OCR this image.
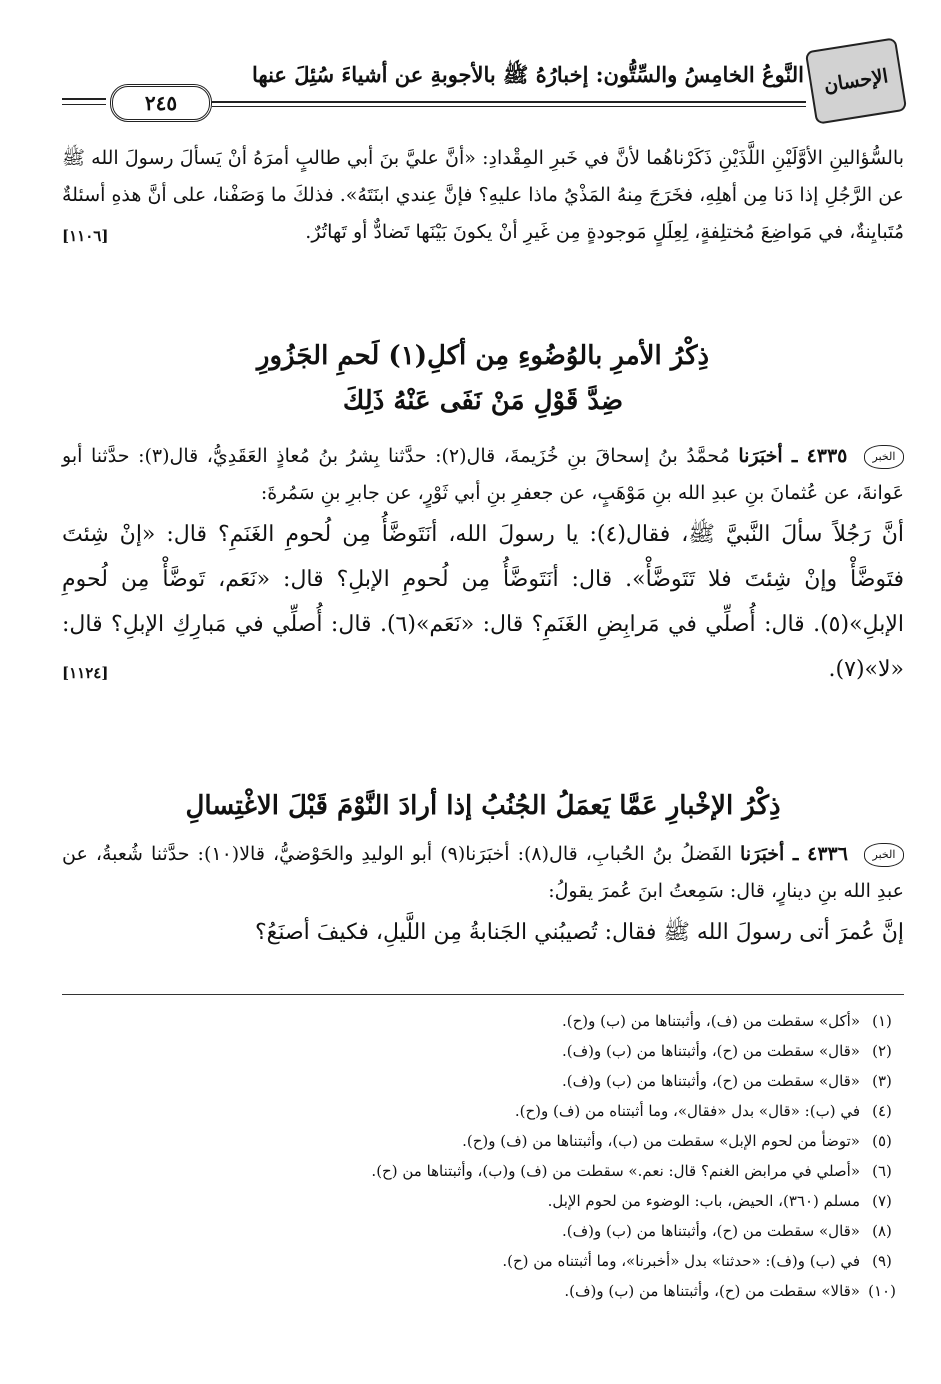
الإحسان
النَّوعُ الخامِسُ والسِّتُّون: إخبارُهُ ﷺ بالأجوبةِ عن أشياءَ سُئِلَ عنها
٢٤٥
بالسُّؤالينِ الأوَّلَيْنِ اللَّذَيْنِ ذَكَرْناهُما لأنَّ في خَبرِ المِقْدادِ: «أنَّ عليَّ بنَ أبي طالبٍ أمرَهُ أنْ يَسألَ رسولَ الله ﷺ عن الرَّجُلِ إذا دَنا مِن أهلِهِ، فخَرَجَ مِنهُ المَذْيُ ماذا عليهِ؟ فإنَّ عِندي ابنَتَهُ». فذلكَ ما وَصَفْنا، على أنَّ هذهِ أسئلةٌ مُتَبايِنةٌ، في مَواضِعَ مُختلِفةٍ، لِعِلَلٍ مَوجودةٍ مِن غَيرِ أنْ يكونَ بَيْنَها تَضادٌّ أو تَهاتُرٌ.
[١١٠٦]
ذِكْرُ الأمرِ بالوُضُوءِ مِن أكلِ(١) لَحمِ الجَزُورِ
ضِدَّ قَوْلِ مَنْ نَفَى عَنْهُ ذَلِكَ
الخبر ٤٣٣٥ ـ أخبَرَنا مُحمَّدُ بنُ إسحاقَ بنِ خُزَيمةَ، قال(٢): حدَّثنا بِشرُ بنُ مُعاذٍ العَقَدِيُّ، قال(٣): حدَّثنا أبو عَوانةَ، عن عُثمانَ بنِ عبدِ الله بنِ مَوْهَبٍ، عن جعفرِ بنِ أبي ثَوْرٍ، عن جابرِ بنِ سَمُرةَ:
أنَّ رَجُلاً سألَ النَّبيَّ ﷺ، فقال(٤): يا رسولَ الله، أنَتَوضَّأُ مِن لُحومِ الغَنَمِ؟ قال: «إنْ شِئتَ فتَوضَّأْ وإنْ شِئتَ فلا تَتَوضَّأْ». قال: أنَتَوضَّأُ مِن لُحومِ الإبلِ؟ قال: «نَعَم، تَوضَّأْ مِن لُحومِ الإبلِ»(٥). قال: أُصلِّي في مَرابِضِ الغَنَمِ؟ قال: «نَعَم»(٦). قال: أُصلِّي في مَبارِكِ الإبلِ؟ قال: «لا»(٧).
[١١٢٤]
ذِكْرُ الإخْبارِ عَمَّا يَعمَلُ الجُنُبُ إذا أرادَ النَّوْمَ قَبْلَ الاغْتِسالِ
الخبر ٤٣٣٦ ـ أخبَرَنا الفَضلُ بنُ الحُبابِ، قال(٨): أخبَرَنا(٩) أبو الوليدِ والحَوْضيُّ، قالا(١٠): حدَّثنا شُعبةُ، عن عبدِ الله بنِ دينارٍ، قال: سَمِعتُ ابنَ عُمرَ يقولُ:
إنَّ عُمرَ أتى رسولَ الله ﷺ فقال: تُصيبُني الجَنابةُ مِن اللَّيلِ، فكيفَ أصنَعُ؟
(١)
«أكل» سقطت من (ف)، وأثبتناها من (ب) و(ح).
(٢)
«قال» سقطت من (ح)، وأثبتناها من (ب) و(ف).
(٣)
«قال» سقطت من (ح)، وأثبتناها من (ب) و(ف).
(٤)
في (ب): «قال» بدل «فقال»، وما أثبتناه من (ف) و(ح).
(٥)
«توضأ من لحوم الإبل» سقطت من (ب)، وأثبتناها من (ف) و(ح).
(٦)
«أصلي في مرابض الغنم؟ قال: نعم.» سقطت من (ف) و(ب)، وأثبتناها من (ح).
(٧)
مسلم (٣٦٠)، الحيض، باب: الوضوء من لحوم الإبل.
(٨)
«قال» سقطت من (ح)، وأثبتناها من (ب) و(ف).
(٩)
في (ب) و(ف): «حدثنا» بدل «أخبرنا»، وما أثبتناه من (ح).
(١٠)
«قالا» سقطت من (ح)، وأثبتناها من (ب) و(ف).
